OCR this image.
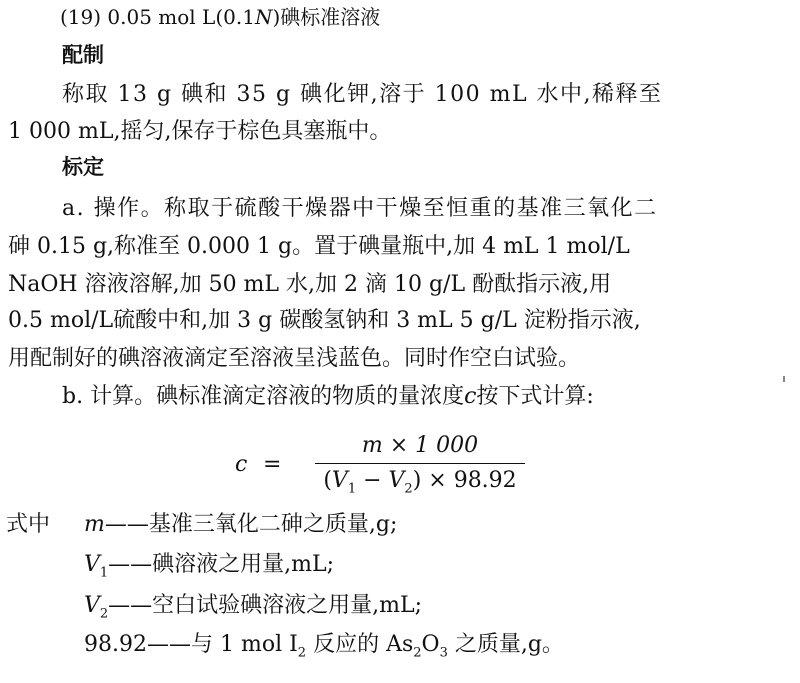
(19) 0.05 mol L(0.1N)碘标准溶液
配制
称取 13 g 碘和 35 g 碘化钾,溶于 100 mL 水中,稀释至
1 000 mL,摇匀,保存于棕色具塞瓶中。
标定
a. 操作。称取于硫酸干燥器中干燥至恒重的基准三氧化二
砷 0.15 g,称准至 0.000 1 g。置于碘量瓶中,加 4 mL 1 mol/L
NaOH 溶液溶解,加 50 mL 水,加 2 滴 10 g/L 酚酞指示液,用
0.5 mol/L硫酸中和,加 3 g 碳酸氢钠和 3 mL 5 g/L 淀粉指示液,
用配制好的碘溶液滴定至溶液呈浅蓝色。同时作空白试验。
b. 计算。碘标准滴定溶液的物质的量浓度c按下式计算:
c =
m × 1 000
$(V_1 - V_2) \times 98.92$
式中 m——基准三氧化二砷之质量,g;
$V_1——$碘溶液之用量,mL;
$V_2——$空白试验碘溶液之用量,mL;
98.92——与 1 mol $I_2$ 反应的 $As_2O_3$ 之质量,g。
